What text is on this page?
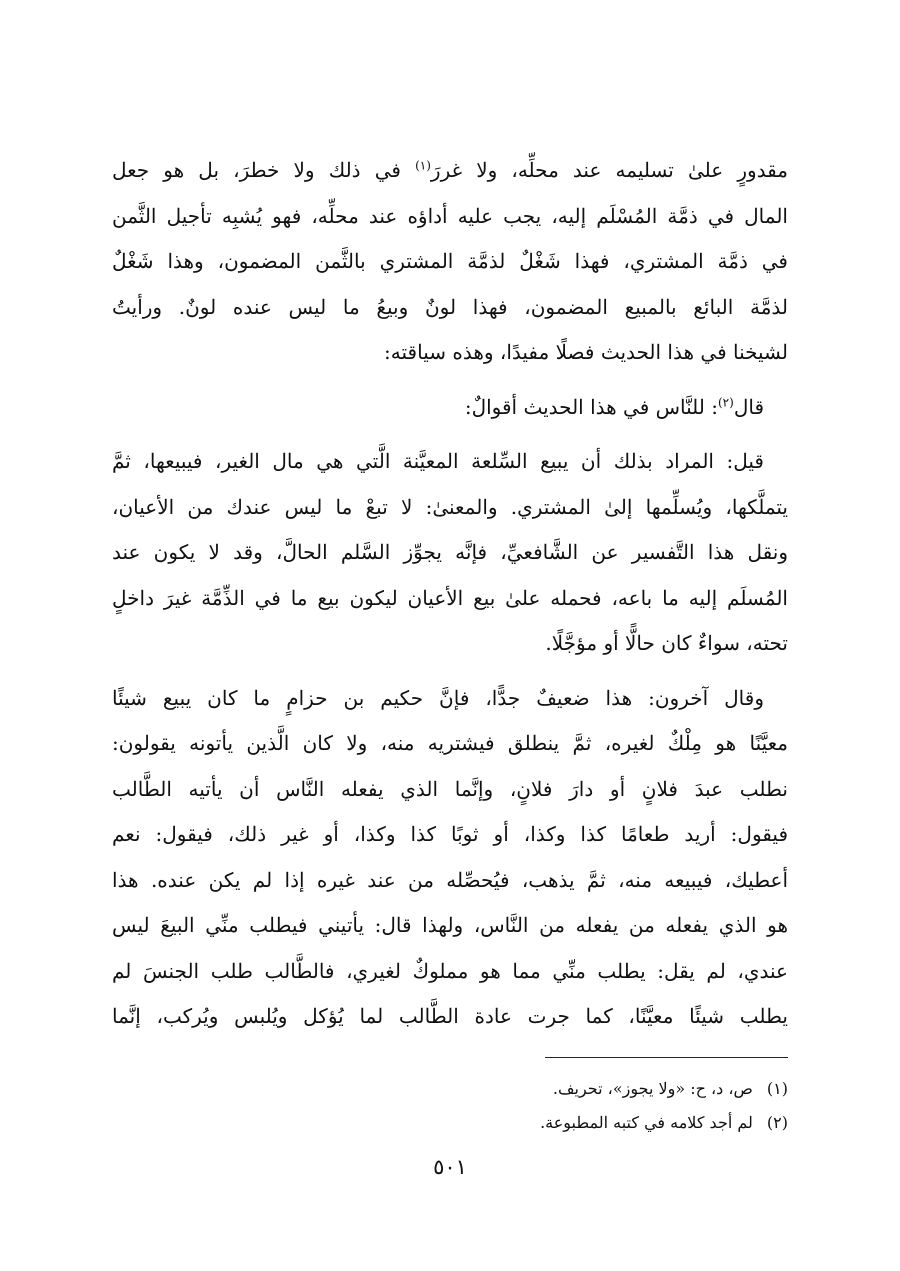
مقدورٍ علىٰ تسليمه عند محلِّه، ولا غررَ$^{(١)}$ في ذلك ولا خطرَ، بل هو جعل
المال في ذمَّة المُسْلَم إليه، يجب عليه أداؤه عند محلِّه، فهو يُشبِه تأجيل الثَّمن
في ذمَّة المشتري، فهذا شَغْلٌ لذمَّة المشتري بالثَّمن المضمون، وهذا شَغْلٌ
لذمَّة البائع بالمبيع المضمون، فهذا لونٌ وبيعُ ما ليس عنده لونٌ. ورأيتُ
لشيخنا في هذا الحديث فصلًا مفيدًا، وهذه سياقته:

قال$^{(٢)}$: للنَّاس في هذا الحديث أقوالٌ:

قيل: المراد بذلك أن يبيع السِّلعة المعيَّنة الَّتي هي مال الغير، فيبيعها، ثمَّ
يتملَّكها، ويُسلِّمها إلىٰ المشتري. والمعنىٰ: لا تبعْ ما ليس عندك من الأعيان،
ونقل هذا التَّفسير عن الشَّافعيِّ، فإنَّه يجوِّز السَّلم الحالَّ، وقد لا يكون عند
المُسلَم إليه ما باعه، فحمله علىٰ بيع الأعيان ليكون بيع ما في الذِّمَّة غيرَ داخلٍ
تحته، سواءٌ كان حالًّا أو مؤجَّلًا.

وقال آخرون: هذا ضعيفٌ جدًّا، فإنَّ حكيم بن حزامٍ ما كان يبيع شيئًا
معيَّنًا هو مِلْكٌ لغيره، ثمَّ ينطلق فيشتريه منه، ولا كان الَّذين يأتونه يقولون:
نطلب عبدَ فلانٍ أو دارَ فلانٍ، وإنَّما الذي يفعله النَّاس أن يأتيه الطَّالب
فيقول: أريد طعامًا كذا وكذا، أو ثوبًا كذا وكذا، أو غير ذلك، فيقول: نعم
أعطيك، فيبيعه منه، ثمَّ يذهب، فيُحصِّله من عند غيره إذا لم يكن عنده. هذا
هو الذي يفعله من يفعله من النَّاس، ولهذا قال: يأتيني فيطلب منِّي البيعَ ليس
عندي، لم يقل: يطلب منِّي مما هو مملوكٌ لغيري، فالطَّالب طلب الجنسَ لم
يطلب شيئًا معيَّنًا، كما جرت عادة الطَّالب لما يُؤكل ويُلبس ويُركب، إنَّما

(١)ص، د، ح: «ولا يجوز»، تحريف.
(٢)لم أجد كلامه في كتبه المطبوعة.
٥٠١
